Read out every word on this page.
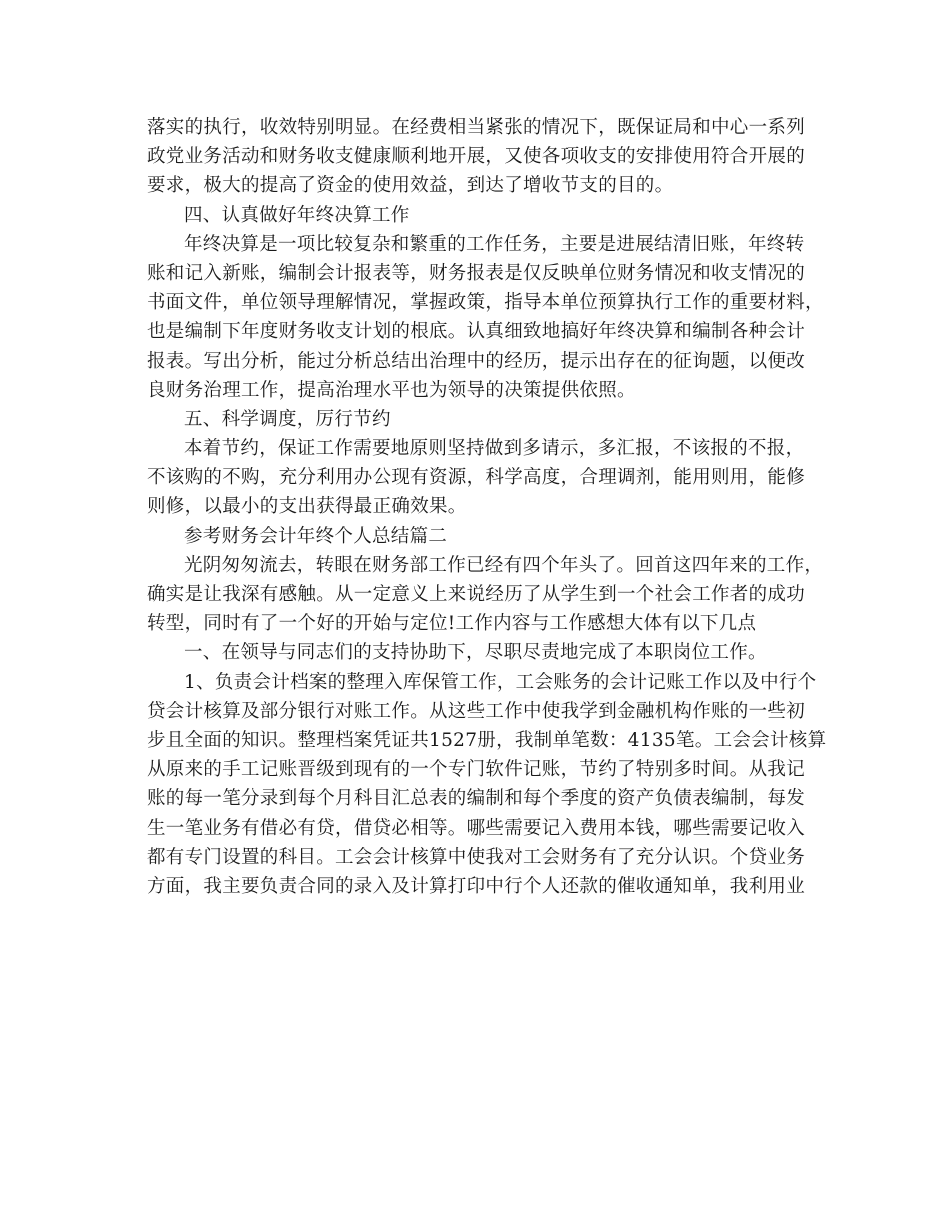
落实的执行，收效特别明显。在经费相当紧张的情况下，既保证局和中心一系列
政党业务活动和财务收支健康顺利地开展，又使各项收支的安排使用符合开展的
要求，极大的提高了资金的使用效益，到达了增收节支的目的。
四、认真做好年终决算工作
年终决算是一项比较复杂和繁重的工作任务，主要是进展结清旧账，年终转
账和记入新账，编制会计报表等，财务报表是仅反映单位财务情况和收支情况的
书面文件，单位领导理解情况，掌握政策，指导本单位预算执行工作的重要材料，
也是编制下年度财务收支计划的根底。认真细致地搞好年终决算和编制各种会计
报表。写出分析，能过分析总结出治理中的经历，提示出存在的征询题，以便改
良财务治理工作，提高治理水平也为领导的决策提供依照。
五、科学调度，厉行节约
本着节约，保证工作需要地原则坚持做到多请示，多汇报，不该报的不报，
不该购的不购，充分利用办公现有资源，科学高度，合理调剂，能用则用，能修
则修，以最小的支出获得最正确效果。
参考财务会计年终个人总结篇二
光阴匆匆流去，转眼在财务部工作已经有四个年头了。回首这四年来的工作，
确实是让我深有感触。从一定意义上来说经历了从学生到一个社会工作者的成功
转型，同时有了一个好的开始与定位!工作内容与工作感想大体有以下几点
一、在领导与同志们的支持协助下，尽职尽责地完成了本职岗位工作。
1、负责会计档案的整理入库保管工作，工会账务的会计记账工作以及中行个
贷会计核算及部分银行对账工作。从这些工作中使我学到金融机构作账的一些初
步且全面的知识。整理档案凭证共1527册，我制单笔数：4135笔。工会会计核算
从原来的手工记账晋级到现有的一个专门软件记账，节约了特别多时间。从我记
账的每一笔分录到每个月科目汇总表的编制和每个季度的资产负债表编制，每发
生一笔业务有借必有贷，借贷必相等。哪些需要记入费用本钱，哪些需要记收入
都有专门设置的科目。工会会计核算中使我对工会财务有了充分认识。个贷业务
方面，我主要负责合同的录入及计算打印中行个人还款的催收通知单，我利用业
